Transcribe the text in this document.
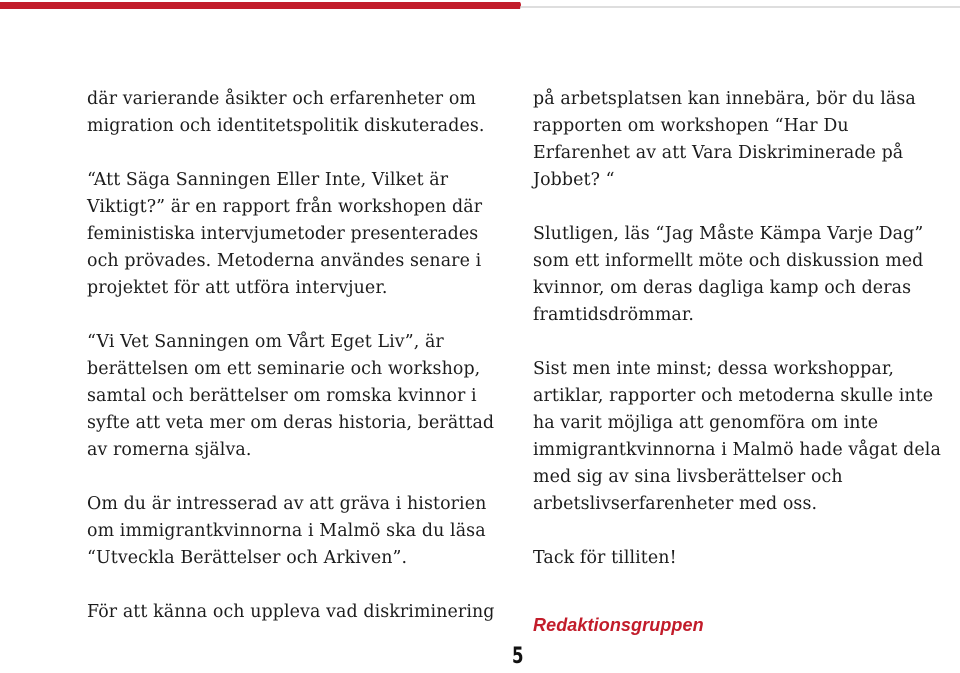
där varierande åsikter och erfarenheter om migration och identitetspolitik diskuterades.

“Att Säga Sanningen Eller Inte, Vilket är Viktigt?” är en rapport från workshopen där feministiska intervjumetoder presenterades och prövades. Metoderna användes senare i projektet för att utföra intervjuer.

“Vi Vet Sanningen om Vårt Eget Liv”, är berättelsen om ett seminarie och workshop, samtal och berättelser om romska kvinnor i syfte att veta mer om deras historia, berättad av romerna själva.

Om du är intresserad av att gräva i historien om immigrantkvinnorna i Malmö ska du läsa “Utveckla Berättelser och Arkiven”.

För att känna och uppleva vad diskriminering

på arbetsplatsen kan innebära, bör du läsa rapporten om workshopen “Har Du Erfarenhet av att Vara Diskriminerade på Jobbet? “

Slutligen, läs “Jag Måste Kämpa Varje Dag” som ett informellt möte och diskussion med kvinnor, om deras dagliga kamp och deras framtidsdrömmar.

Sist men inte minst; dessa workshoppar, artiklar, rapporter och metoderna skulle inte ha varit möjliga att genomföra om inte immigrantkvinnorna i Malmö hade vågat dela med sig av sina livsberättelser och arbetslivserfarenheter med oss.

Tack för tilliten!

Redaktionsgruppen

5
